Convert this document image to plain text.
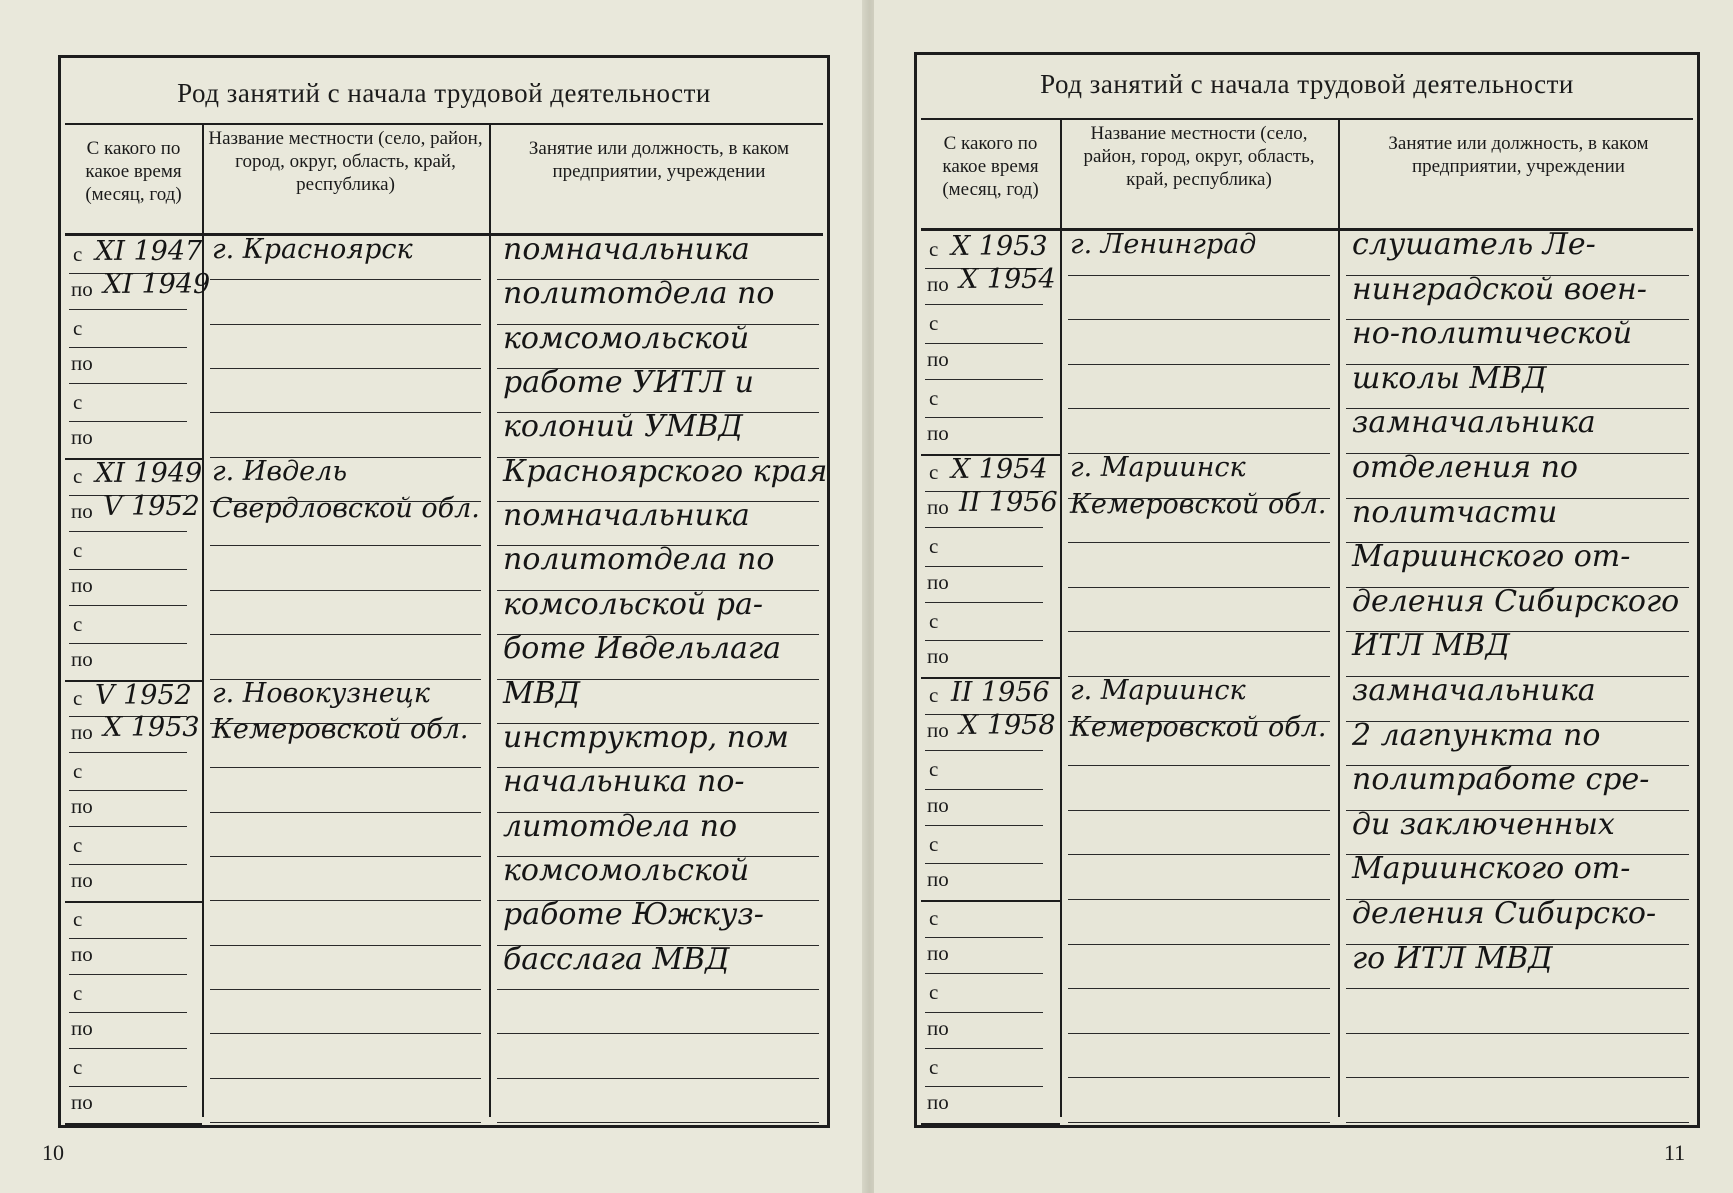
Род занятий с начала трудовой деятельности
С какого по какое время (месяц, год)
Название местности (село, район, город, округ, область, край, республика)
Занятие или должность, в каком предприятии, учреждении
с
по
XI 1947
XI 1949
г. Красноярск
с
по
с
по
с
по
XI 1949
V 1952
г. Ивдель
Свердловской обл.
с
по
с
по
с
по
V 1952
X 1953
г. Новокузнецк
Кемеровской обл.
с
по
с
по
с
по
с
по
с
по
помначальника
политотдела по
комсомольской
работе УИТЛ и
колоний УМВД
Красноярского края
помначальника
политотдела по
комсольской ра-
боте Ивдельлага
МВД
инструктор, пом
начальника по-
литотдела по
комсомольской
работе Южкуз-
басслага МВД
10
Род занятий с начала трудовой деятельности
С какого по какое время (месяц, год)
Название местности (село, район, город, округ, область, край, республика)
Занятие или должность, в каком предприятии, учреждении
с
по
X 1953
X 1954
г. Ленинград
с
по
с
по
с
по
X 1954
II 1956
г. Мариинск
Кемеровской обл.
с
по
с
по
с
по
II 1956
X 1958
г. Мариинск
Кемеровской обл.
с
по
с
по
с
по
с
по
с
по
слушатель Ле-
нинградской воен-
но-политической
школы МВД
замначальника
отделения по
политчасти
Мариинского от-
деления Сибирского
ИТЛ МВД
замначальника
2 лагпункта по
политработе сре-
ди заключенных
Мариинского от-
деления Сибирско-
го ИТЛ МВД
11
